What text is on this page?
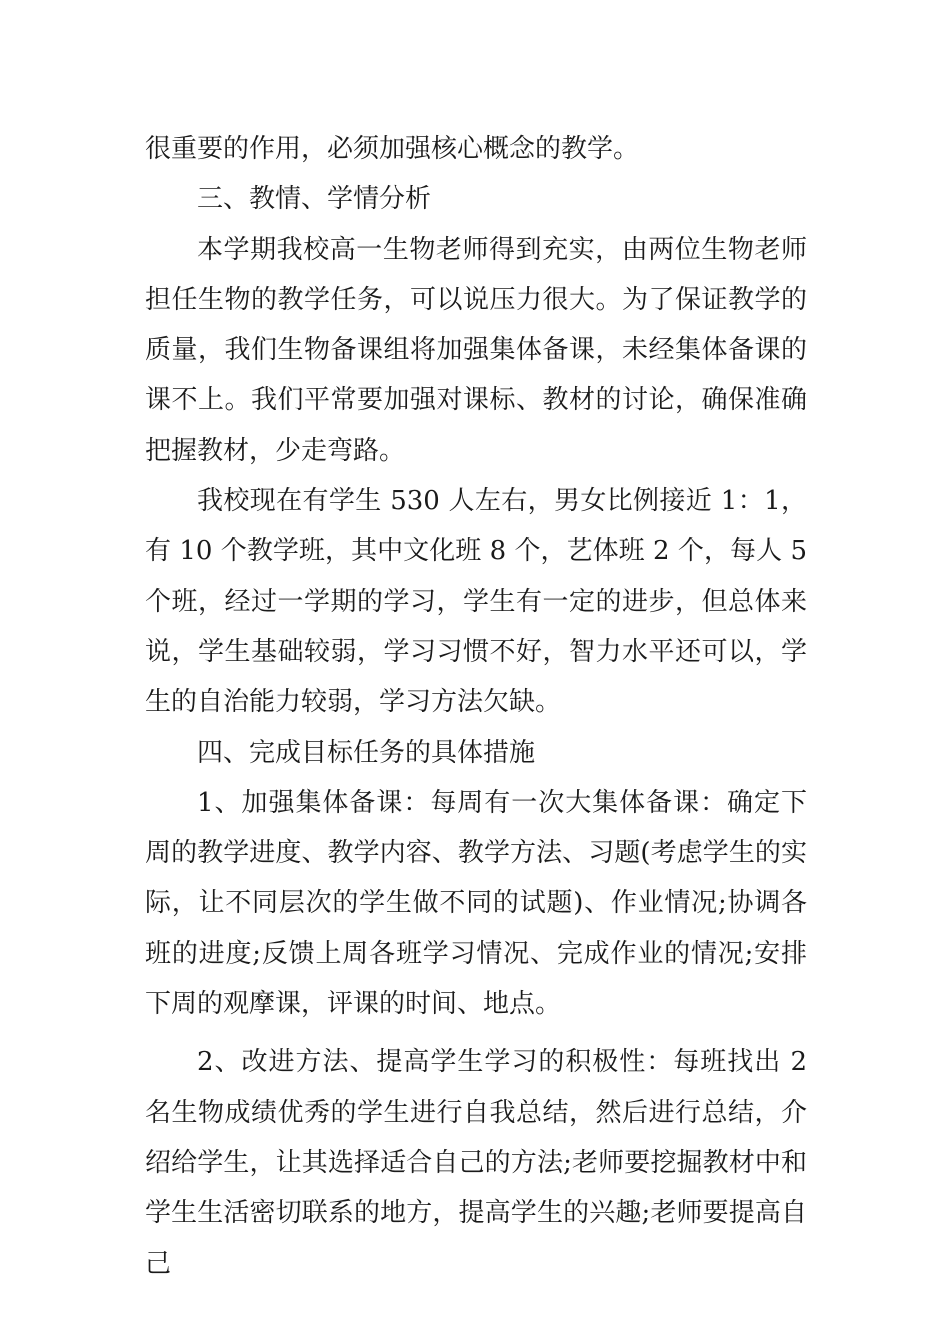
很重要的作用，必须加强核心概念的教学。

三、教情、学情分析

本学期我校高一生物老师得到充实，由两位生物老师担任生物的教学任务，可以说压力很大。为了保证教学的质量，我们生物备课组将加强集体备课，未经集体备课的课不上。我们平常要加强对课标、教材的讨论，确保准确把握教材，少走弯路。

我校现在有学生 530 人左右，男女比例接近 1：1，有 10 个教学班，其中文化班 8 个，艺体班 2 个，每人 5 个班，经过一学期的学习，学生有一定的进步，但总体来说，学生基础较弱，学习习惯不好，智力水平还可以，学生的自治能力较弱，学习方法欠缺。

四、完成目标任务的具体措施

1、加强集体备课：每周有一次大集体备课：确定下周的教学进度、教学内容、教学方法、习题(考虑学生的实际，让不同层次的学生做不同的试题)、作业情况;协调各班的进度;反馈上周各班学习情况、完成作业的情况;安排下周的观摩课，评课的时间、地点。

2、改进方法、提高学生学习的积极性：每班找出 2 名生物成绩优秀的学生进行自我总结，然后进行总结，介绍给学生，让其选择适合自己的方法;老师要挖掘教材中和学生生活密切联系的地方，提高学生的兴趣;老师要提高自己
